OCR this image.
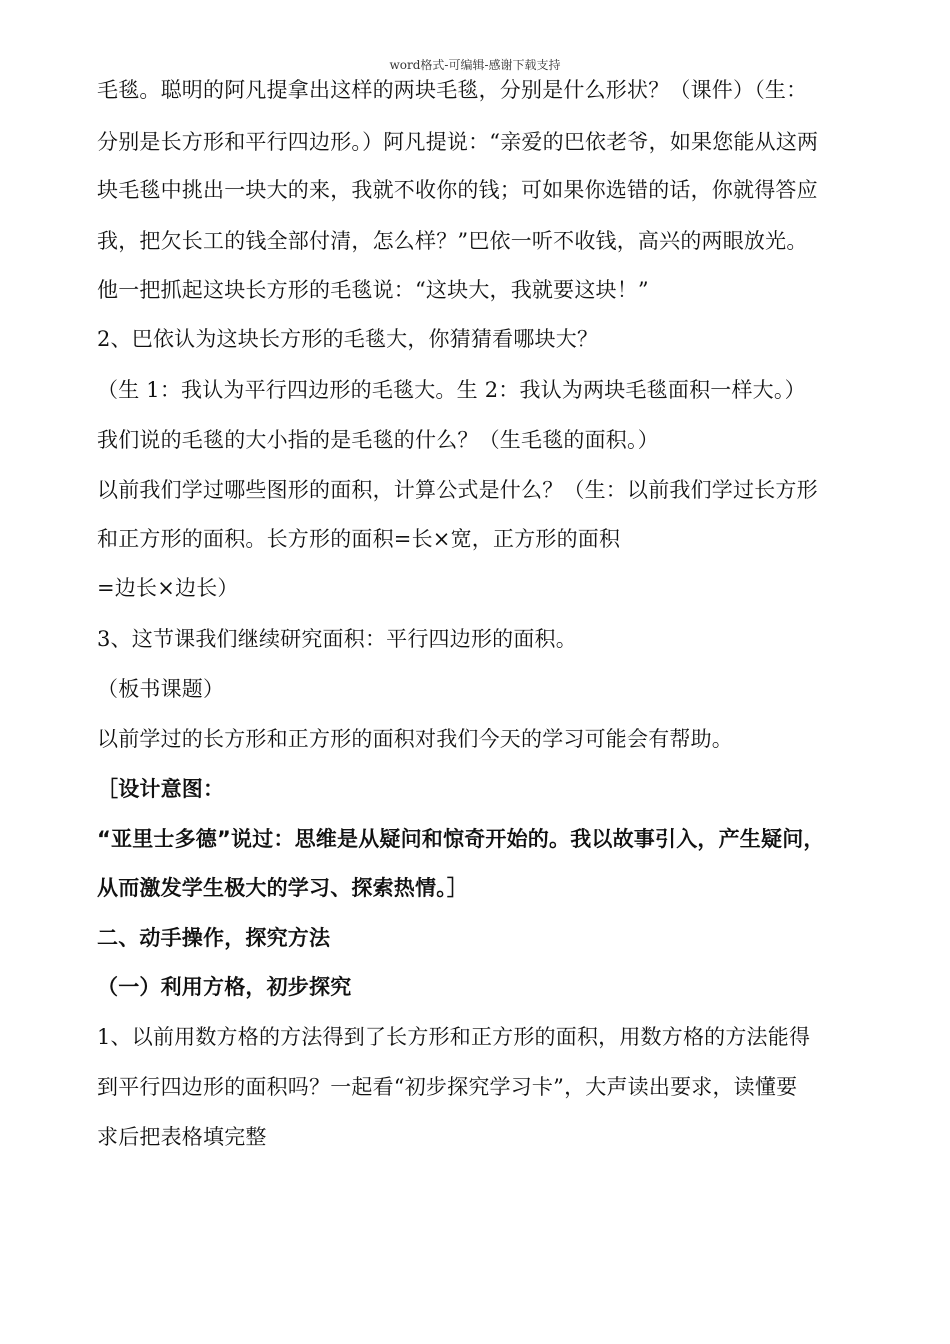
word格式-可编辑-感谢下载支持
毛毯。聪明的阿凡提拿出这样的两块毛毯，分别是什么形状？（课件）（生：
分别是长方形和平行四边形。）阿凡提说：“亲爱的巴依老爷，如果您能从这两
块毛毯中挑出一块大的来，我就不收你的钱；可如果你选错的话，你就得答应
我，把欠长工的钱全部付清，怎么样？”巴依一听不收钱，高兴的两眼放光。
他一把抓起这块长方形的毛毯说：“这块大，我就要这块！”
2、巴依认为这块长方形的毛毯大，你猜猜看哪块大？
（生 1：我认为平行四边形的毛毯大。生 2：我认为两块毛毯面积一样大。）
我们说的毛毯的大小指的是毛毯的什么？（生毛毯的面积。）
以前我们学过哪些图形的面积，计算公式是什么？（生：以前我们学过长方形
和正方形的面积。长方形的面积=长×宽，正方形的面积
=边长×边长）
3、这节课我们继续研究面积：平行四边形的面积。
（板书课题）
以前学过的长方形和正方形的面积对我们今天的学习可能会有帮助。
［设计意图：
“亚里士多德”说过：思维是从疑问和惊奇开始的。我以故事引入，产生疑问，
从而激发学生极大的学习、探索热情。］
二、动手操作，探究方法
（一）利用方格，初步探究
1、以前用数方格的方法得到了长方形和正方形的面积，用数方格的方法能得
到平行四边形的面积吗？一起看“初步探究学习卡”，大声读出要求，读懂要
求后把表格填完整
